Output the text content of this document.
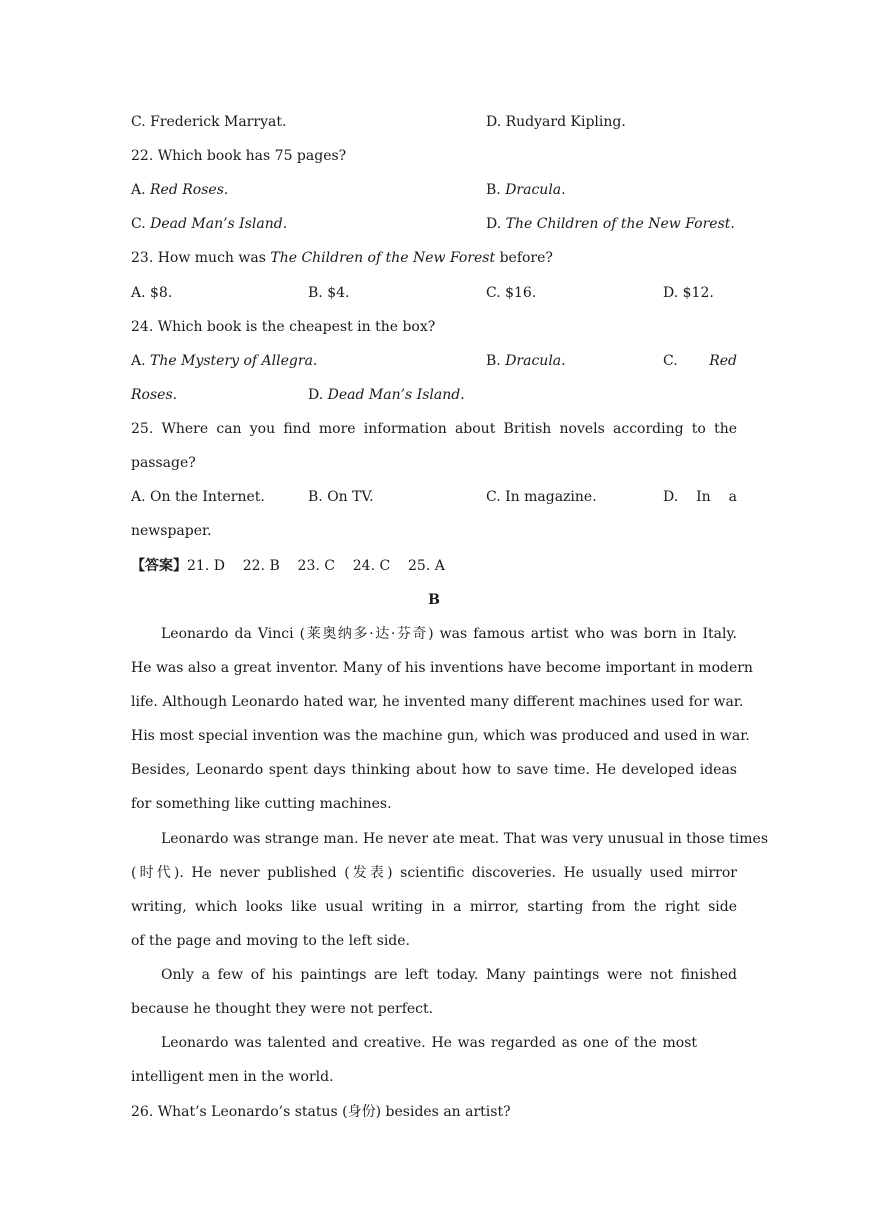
C. Frederick Marryat.	D. Rudyard Kipling.
22. Which book has 75 pages?
A. Red Roses.	B. Dracula.
C. Dead Man’s Island.	D. The Children of the New Forest.
23. How much was The Children of the New Forest before?
A. $8.	B. $4.	C. $16.	D. $12.
24. Which book is the cheapest in the box?
A. The Mystery of Allegra.	B. Dracula.	C. Red
Roses.	D. Dead Man’s Island.
25. Where can you find more information about British novels according to the
passage?
A. On the Internet.	B. On TV.	C. In magazine.	D. In a
newspaper.
【答案】21. D    22. B    23. C    24. C    25. A
B
Leonardo da Vinci (莱奥纳多·达·芬奇) was famous artist who was born in Italy.
He was also a great inventor. Many of his inventions have become important in modern
life. Although Leonardo hated war, he invented many different machines used for war.
His most special invention was the machine gun, which was produced and used in war.
Besides, Leonardo spent days thinking about how to save time. He developed ideas
for something like cutting machines.
Leonardo was strange man. He never ate meat. That was very unusual in those times
(时代). He never published (发表) scientific discoveries. He usually used mirror
writing, which looks like usual writing in a mirror, starting from the right side
of the page and moving to the left side.
Only a few of his paintings are left today. Many paintings were not finished
because he thought they were not perfect.
Leonardo was talented and creative. He was regarded as one of the most
intelligent men in the world.
26. What’s Leonardo’s status (身份) besides an artist?
